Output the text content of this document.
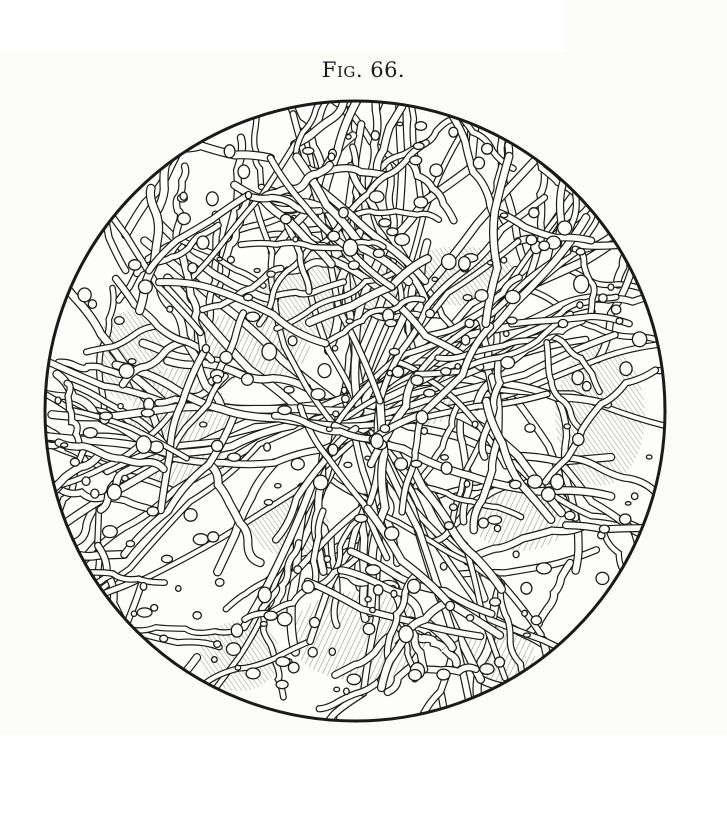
Fig. 66.
